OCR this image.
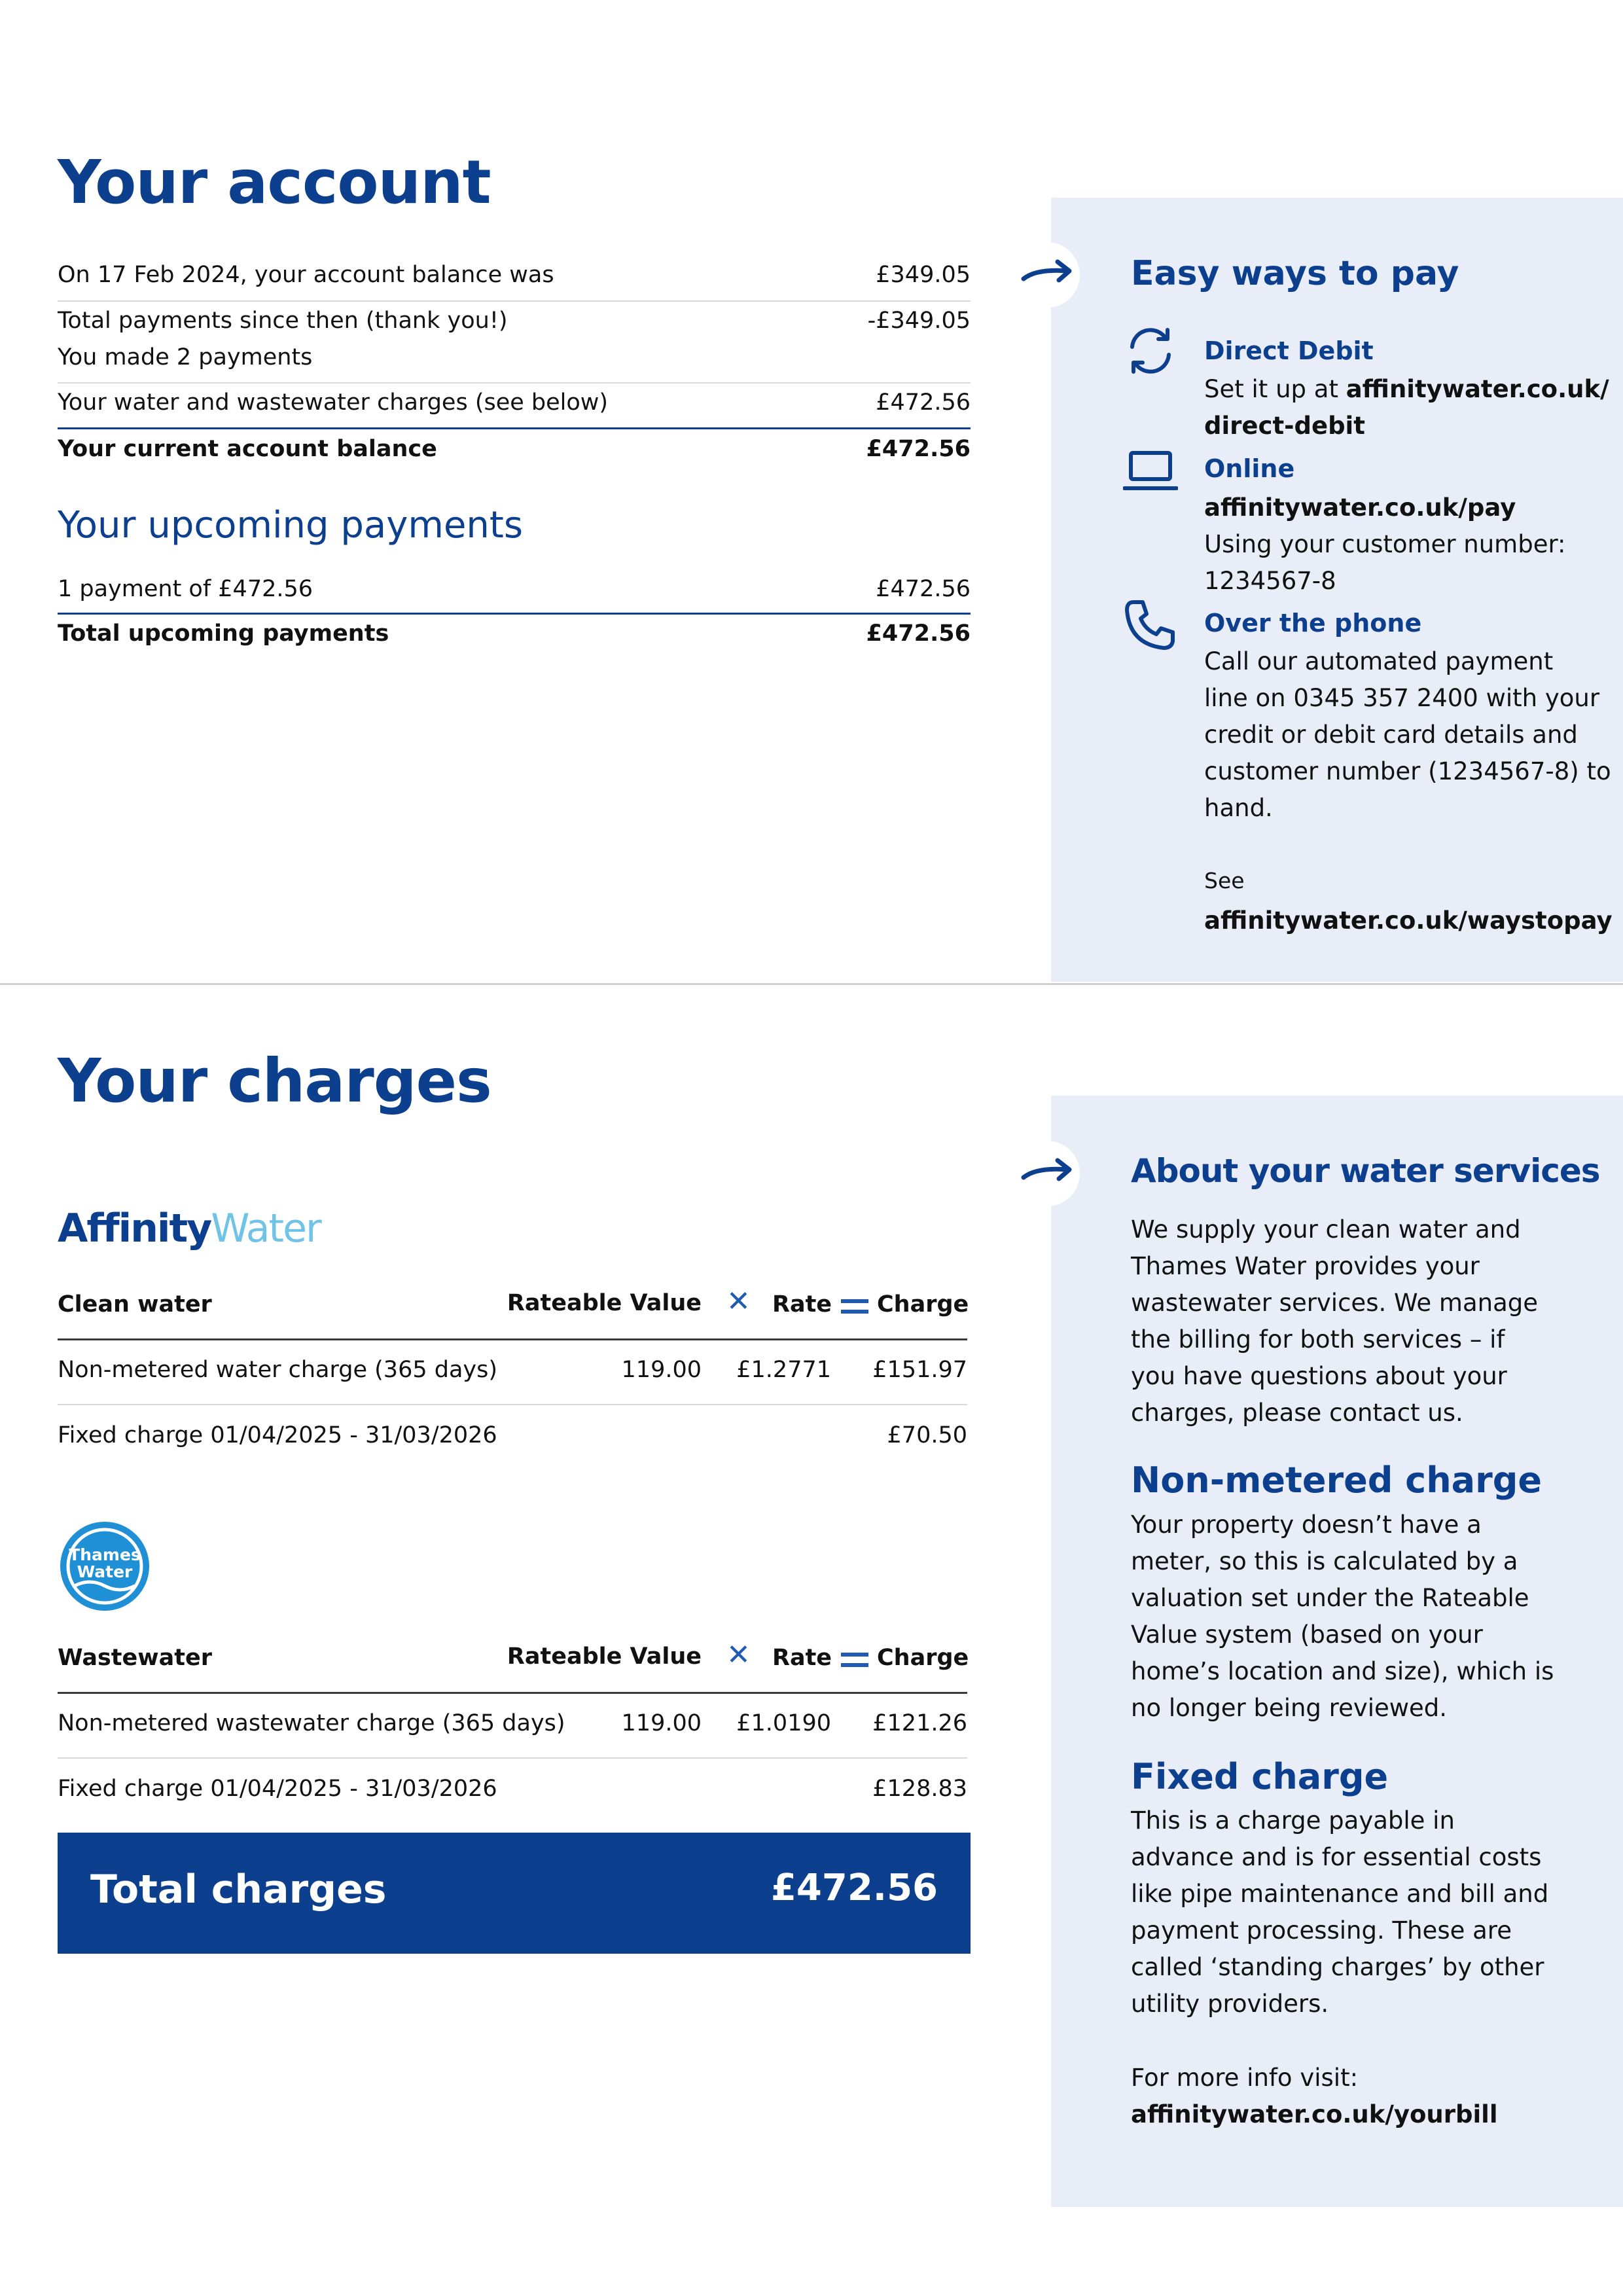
Your account
On 17 Feb 2024, your account balance was	£349.05
Total payments since then (thank you!)	-£349.05
You made 2 payments
Your water and wastewater charges (see below)	£472.56
Your current account balance	£472.56
Your upcoming payments
1 payment of £472.56	£472.56
Total upcoming payments	£472.56
Easy ways to pay
Direct Debit
Set it up at affinitywater.co.uk/
direct-debit
Online
affinitywater.co.uk/pay
Using your customer number:
1234567-8
Over the phone
Call our automated payment
line on 0345 357 2400 with your
credit or debit card details and
customer number (1234567-8) to
hand.
See
affinitywater.co.uk/waystopay
Your charges
AffinityWater
Clean water	Rateable Value ✕ Rate Charge
Non-metered water charge (365 days)	119.00	£1.2771	£151.97
Fixed charge 01/04/2025 - 31/03/2026	£70.50
Thames
Water
Wastewater	Rateable Value ✕ Rate Charge
Non-metered wastewater charge (365 days)	119.00	£1.0190	£121.26
Fixed charge 01/04/2025 - 31/03/2026	£128.83
Total charges	£472.56
About your water services
We supply your clean water and
Thames Water provides your
wastewater services. We manage
the billing for both services – if
you have questions about your
charges, please contact us.
Non-metered charge
Your property doesn’t have a
meter, so this is calculated by a
valuation set under the Rateable
Value system (based on your
home’s location and size), which is
no longer being reviewed.
Fixed charge
This is a charge payable in
advance and is for essential costs
like pipe maintenance and bill and
payment processing. These are
called ‘standing charges’ by other
utility providers.
For more info visit:
affinitywater.co.uk/yourbill
